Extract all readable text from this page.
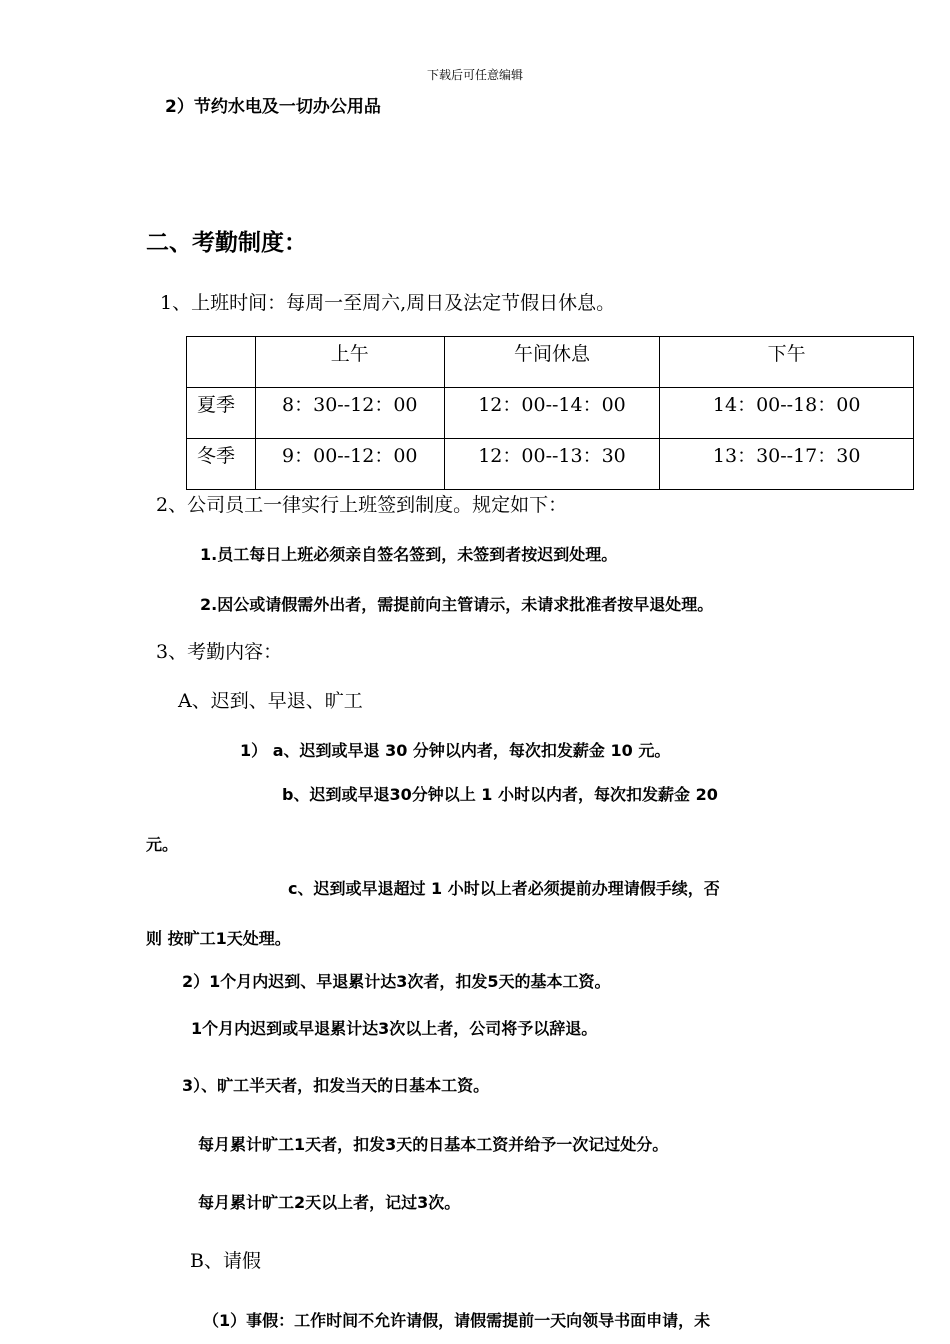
下载后可任意编辑
2）节约水电及一切办公用品
二、考勤制度：
1、上班时间：每周一至周六,周日及法定节假日休息。

	上午	午间休息	下午

夏季	8：30--12：00	12：00--14：00	14：00--18：00

冬季	9：00--12：00	12：00--13：30	13：30--17：30
2、公司员工一律实行上班签到制度。规定如下：
1.员工每日上班必须亲自签名签到，未签到者按迟到处理。
2.因公或请假需外出者，需提前向主管请示，未请求批准者按早退处理。
3、考勤内容：
A、迟到、早退、旷工
1） a、迟到或早退 30 分钟以内者，每次扣发薪金 10 元。
b、迟到或早退30分钟以上 1 小时以内者，每次扣发薪金 20
元。
c、迟到或早退超过 1 小时以上者必须提前办理请假手续，否
则 按旷工1天处理。
2）1个月内迟到、早退累计达3次者，扣发5天的基本工资。
1个月内迟到或早退累计达3次以上者，公司将予以辞退。
3）、旷工半天者，扣发当天的日基本工资。
每月累计旷工1天者，扣发3天的日基本工资并给予一次记过处分。
每月累计旷工2天以上者，记过3次。
B、请假
（1）事假：工作时间不允许请假，请假需提前一天向领导书面申请，未
